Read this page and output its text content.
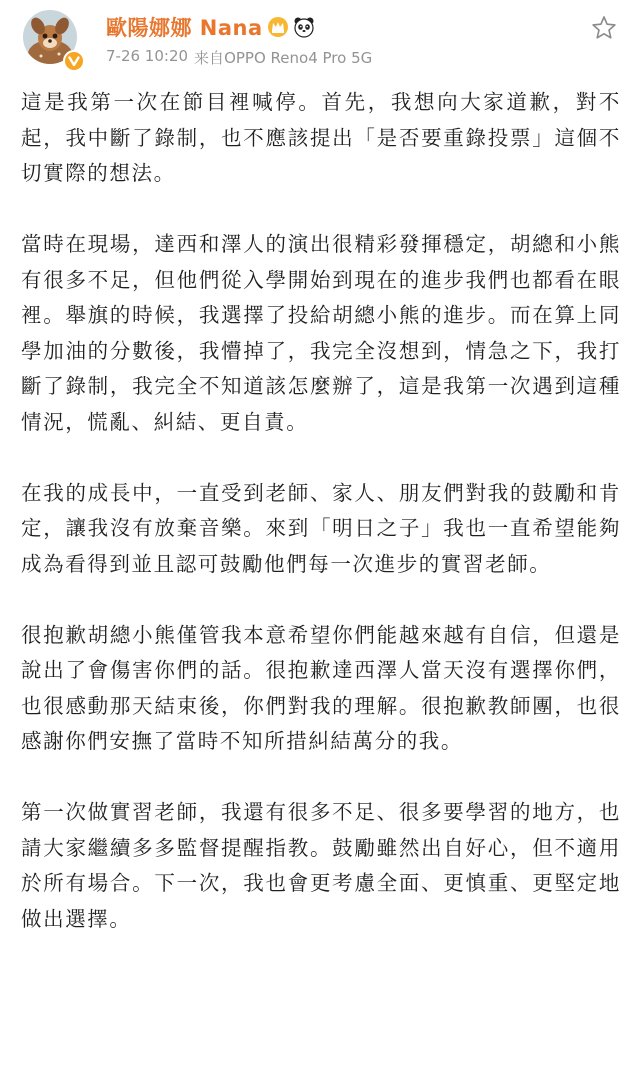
歐陽娜娜 Nana
7-26 10:20 来自OPPO Reno4 Pro 5G

這是我第一次在節目裡喊停。首先，我想向大家道歉，對不起，我中斷了錄制，也不應該提出「是否要重錄投票」這個不切實際的想法。

當時在現場，達西和澤人的演出很精彩發揮穩定，胡總和小熊有很多不足，但他們從入學開始到現在的進步我們也都看在眼裡。舉旗的時候，我選擇了投給胡總小熊的進步。而在算上同學加油的分數後，我懵掉了，我完全沒想到，情急之下，我打斷了錄制，我完全不知道該怎麼辦了，這是我第一次遇到這種情況，慌亂、糾結、更自責。

在我的成長中，一直受到老師、家人、朋友們對我的鼓勵和肯定，讓我沒有放棄音樂。來到「明日之子」我也一直希望能夠成為看得到並且認可鼓勵他們每一次進步的實習老師。

很抱歉胡總小熊僅管我本意希望你們能越來越有自信，但還是說出了會傷害你們的話。很抱歉達西澤人當天沒有選擇你們，也很感動那天結束後，你們對我的理解。很抱歉教師團，也很感謝你們安撫了當時不知所措糾結萬分的我。

第一次做實習老師，我還有很多不足、很多要學習的地方，也請大家繼續多多監督提醒指教。鼓勵雖然出自好心，但不適用於所有場合。下一次，我也會更考慮全面、更慎重、更堅定地做出選擇。
